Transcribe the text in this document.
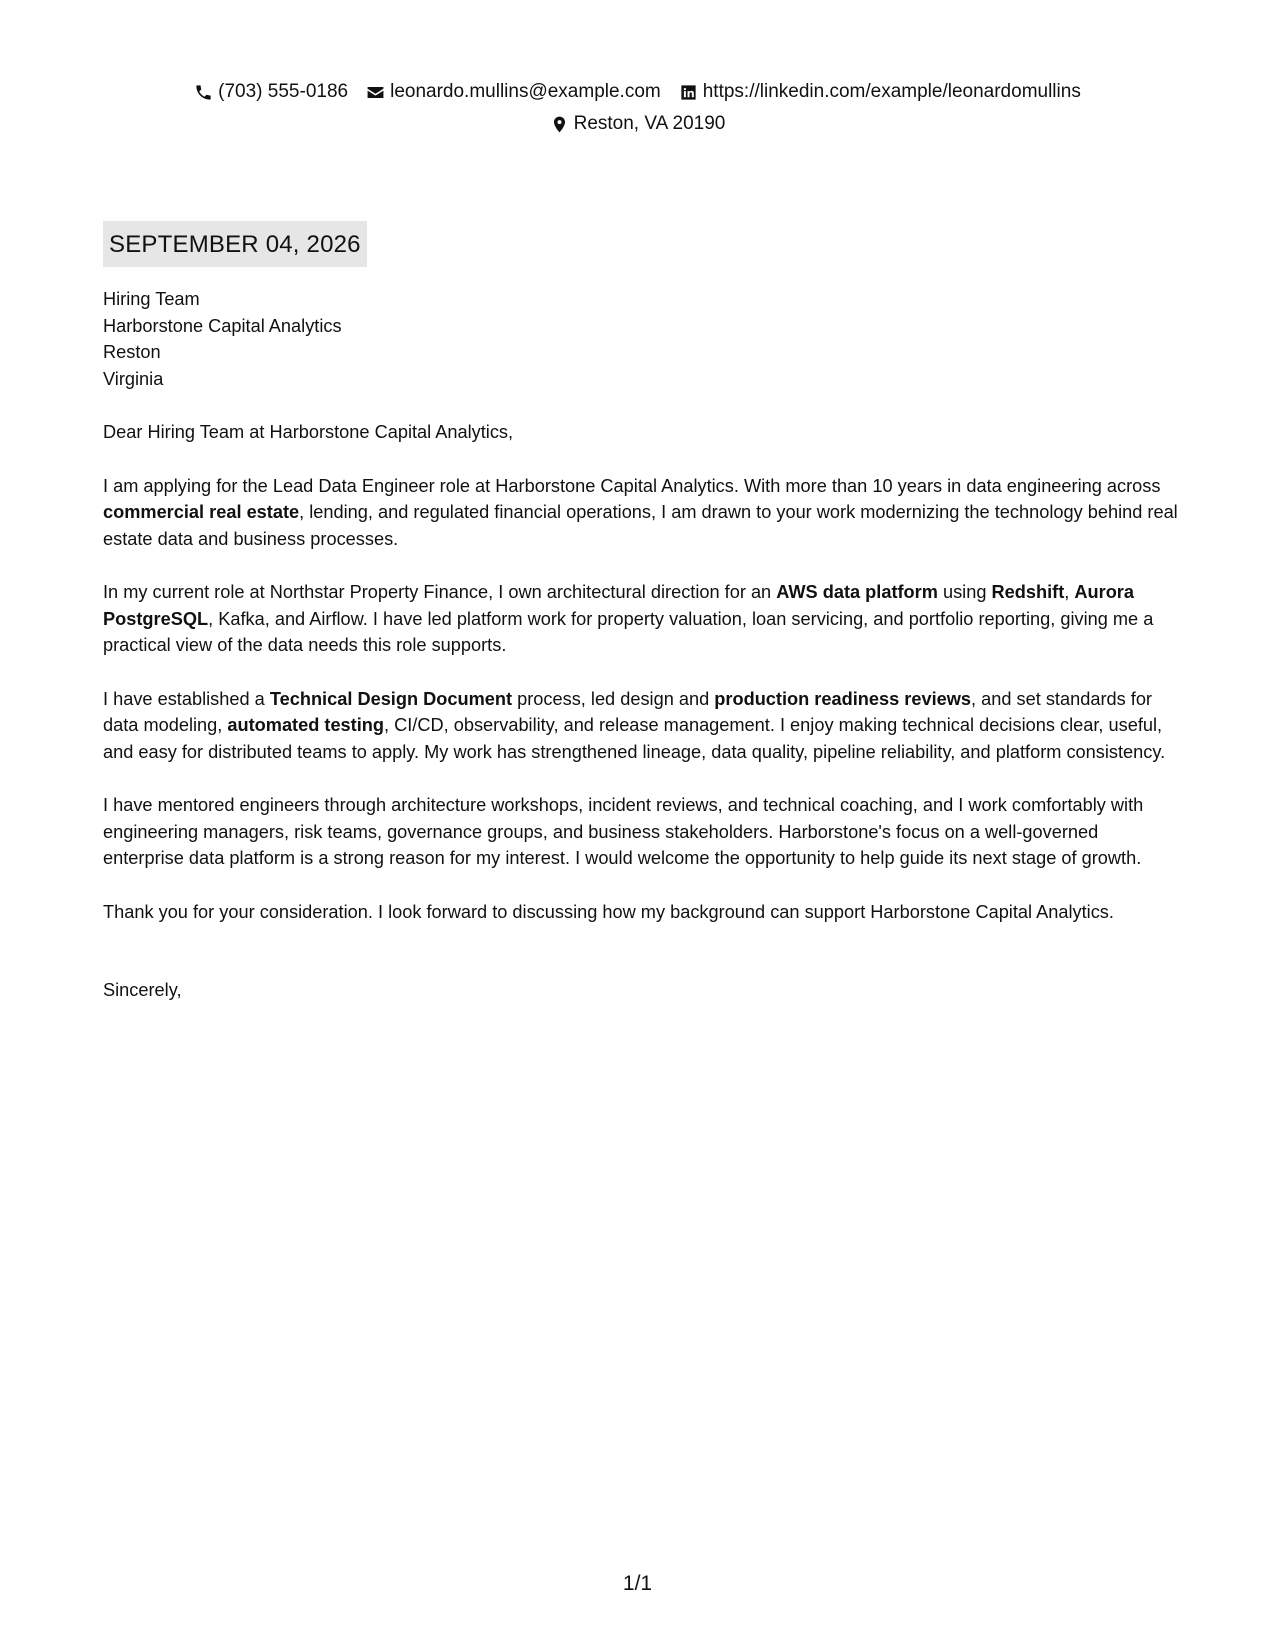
(703) 555-0186 leonardo.mullins@example.com https://linkedin.com/example/leonardomullins
Reston, VA 20190
SEPTEMBER 04, 2026
Hiring Team
Harborstone Capital Analytics
Reston
Virginia
Dear Hiring Team at Harborstone Capital Analytics,

I am applying for the Lead Data Engineer role at Harborstone Capital Analytics. With more than 10 years in data engineering across commercial real estate, lending, and regulated financial operations, I am drawn to your work modernizing the technology behind real estate data and business processes.

In my current role at Northstar Property Finance, I own architectural direction for an AWS data platform using Redshift, Aurora PostgreSQL, Kafka, and Airflow. I have led platform work for property valuation, loan servicing, and portfolio reporting, giving me a practical view of the data needs this role supports.

I have established a Technical Design Document process, led design and production readiness reviews, and set standards for data modeling, automated testing, CI/CD, observability, and release management. I enjoy making technical decisions clear, useful, and easy for distributed teams to apply. My work has strengthened lineage, data quality, pipeline reliability, and platform consistency.

I have mentored engineers through architecture workshops, incident reviews, and technical coaching, and I work comfortably with engineering managers, risk teams, governance groups, and business stakeholders. Harborstone's focus on a well-governed enterprise data platform is a strong reason for my interest. I would welcome the opportunity to help guide its next stage of growth.

Thank you for your consideration. I look forward to discussing how my background can support Harborstone Capital Analytics.

Sincerely,
1/1
